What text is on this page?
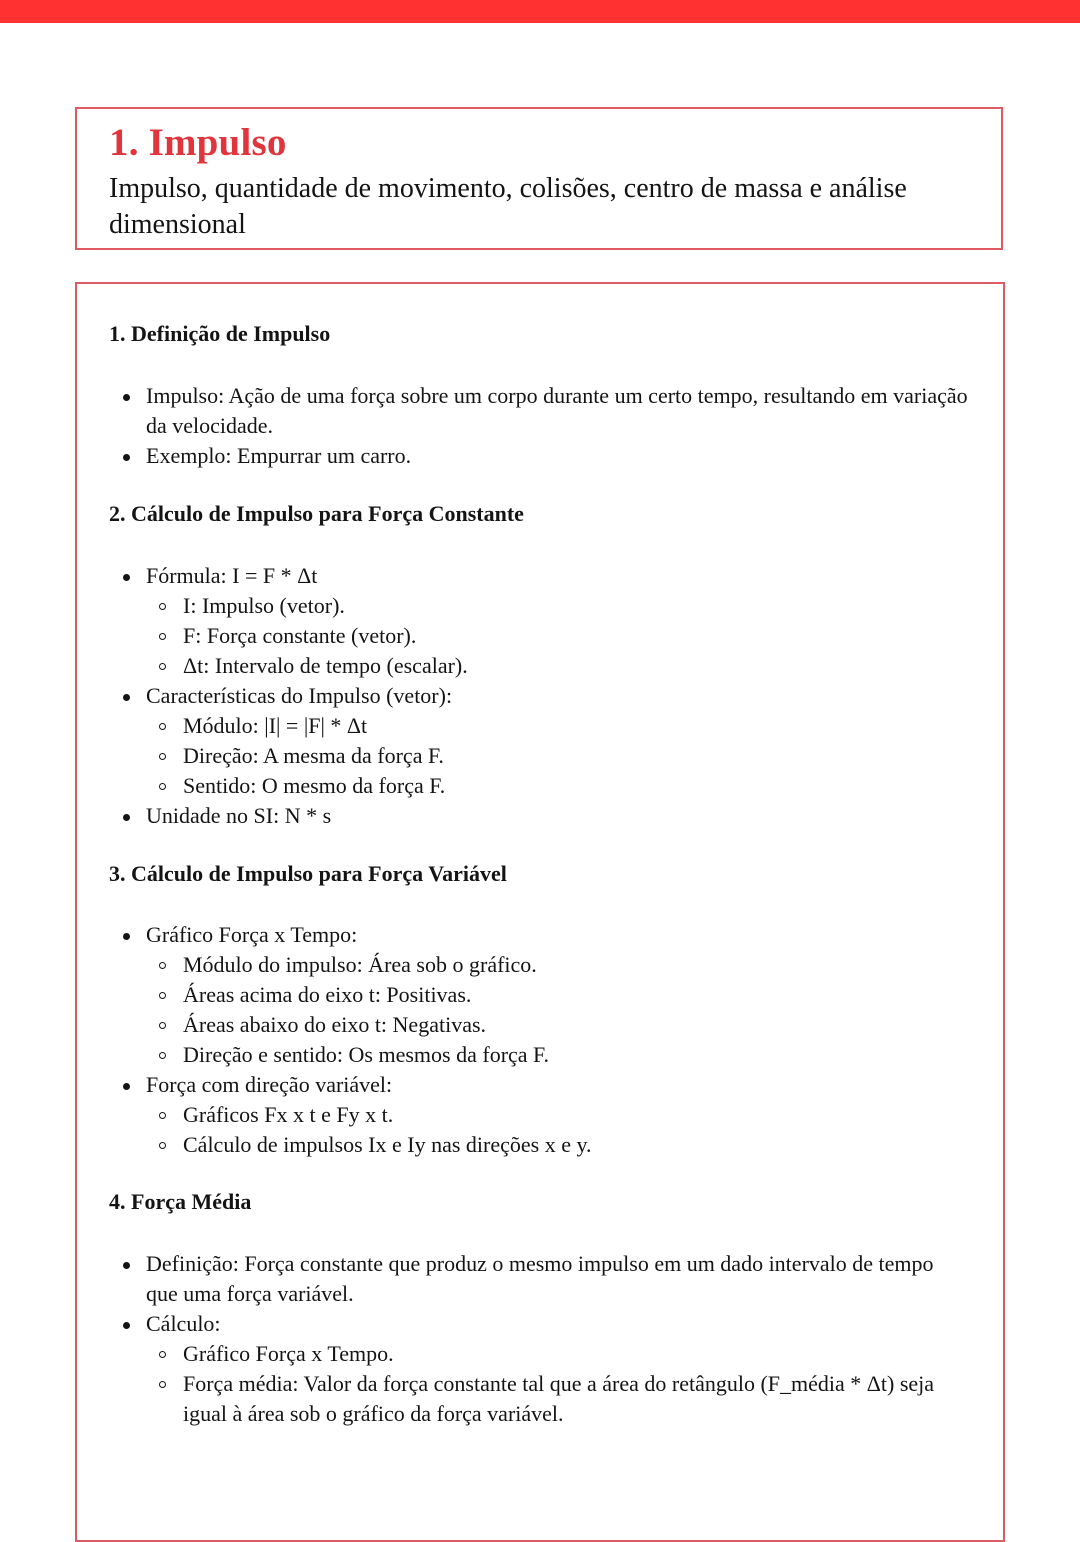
1. Impulso

Impulso, quantidade de movimento, colisões, centro de massa e análise dimensional

1. Definição de Impulso
Impulso: Ação de uma força sobre um corpo durante um certo tempo, resultando em variação da velocidade.
Exemplo: Empurrar um carro.
2. Cálculo de Impulso para Força Constante
Fórmula: I = F * Δt
I: Impulso (vetor).
F: Força constante (vetor).
Δt: Intervalo de tempo (escalar).
Características do Impulso (vetor):
Módulo: |I| = |F| * Δt
Direção: A mesma da força F.
Sentido: O mesmo da força F.
Unidade no SI: N * s
3. Cálculo de Impulso para Força Variável
Gráfico Força x Tempo:
Módulo do impulso: Área sob o gráfico.
Áreas acima do eixo t: Positivas.
Áreas abaixo do eixo t: Negativas.
Direção e sentido: Os mesmos da força F.
Força com direção variável:
Gráficos Fx x t e Fy x t.
Cálculo de impulsos Ix e Iy nas direções x e y.
4. Força Média
Definição: Força constante que produz o mesmo impulso em um dado intervalo de tempo que uma força variável.
Cálculo:
Gráfico Força x Tempo.
Força média: Valor da força constante tal que a área do retângulo (F_média * Δt) seja igual à área sob o gráfico da força variável.
